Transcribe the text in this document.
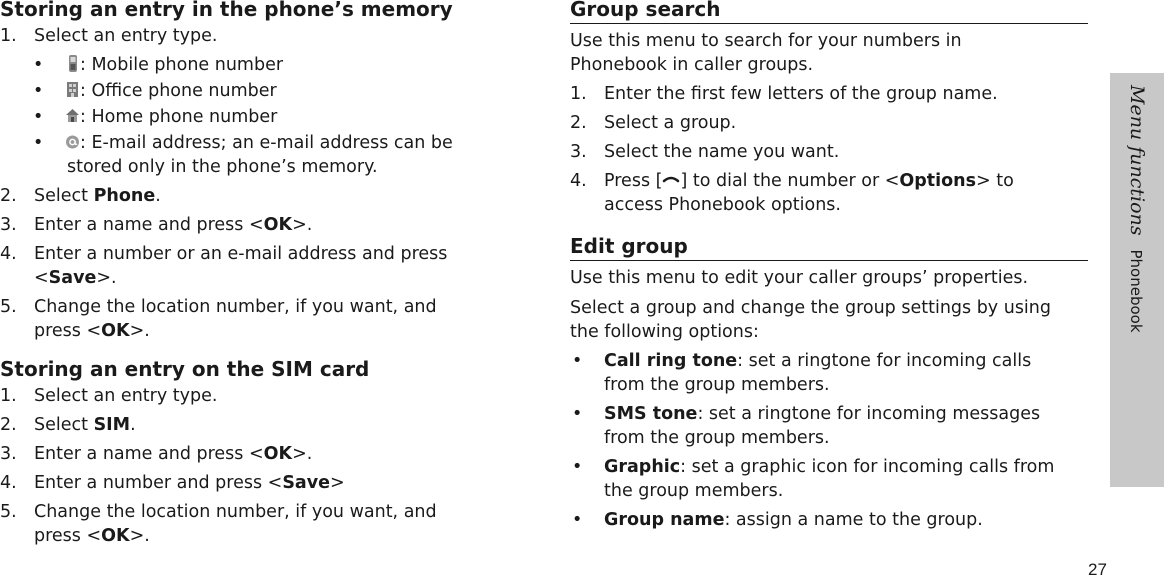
Storing an entry in the phone’s memory
1. Select an entry type.
• : Mobile phone number
• : Office phone number
• : Home phone number
• : E-mail address; an e-mail address can be
stored only in the phone’s memory.
2. Select Phone.
3. Enter a name and press <OK>.
4. Enter a number or an e-mail address and press
<Save>.
5. Change the location number, if you want, and
press <OK>.
Storing an entry on the SIM card
1. Select an entry type.
2. Select SIM.
3. Enter a name and press <OK>.
4. Enter a number and press <Save>
5. Change the location number, if you want, and
press <OK>.
Group search

Use this menu to search for your numbers in
Phonebook in caller groups.

1. Enter the first few letters of the group name.
2. Select a group.
3. Select the name you want.
4. Press [ ] to dial the number or <Options> to
access Phonebook options.
Edit group

Use this menu to edit your caller groups’ properties.

Select a group and change the group settings by using
the following options:

• Call ring tone: set a ringtone for incoming calls
from the group members.
• SMS tone: set a ringtone for incoming messages
from the group members.
• Graphic: set a graphic icon for incoming calls from
the group members.
• Group name: assign a name to the group.
Menu functions
Phonebook
27
